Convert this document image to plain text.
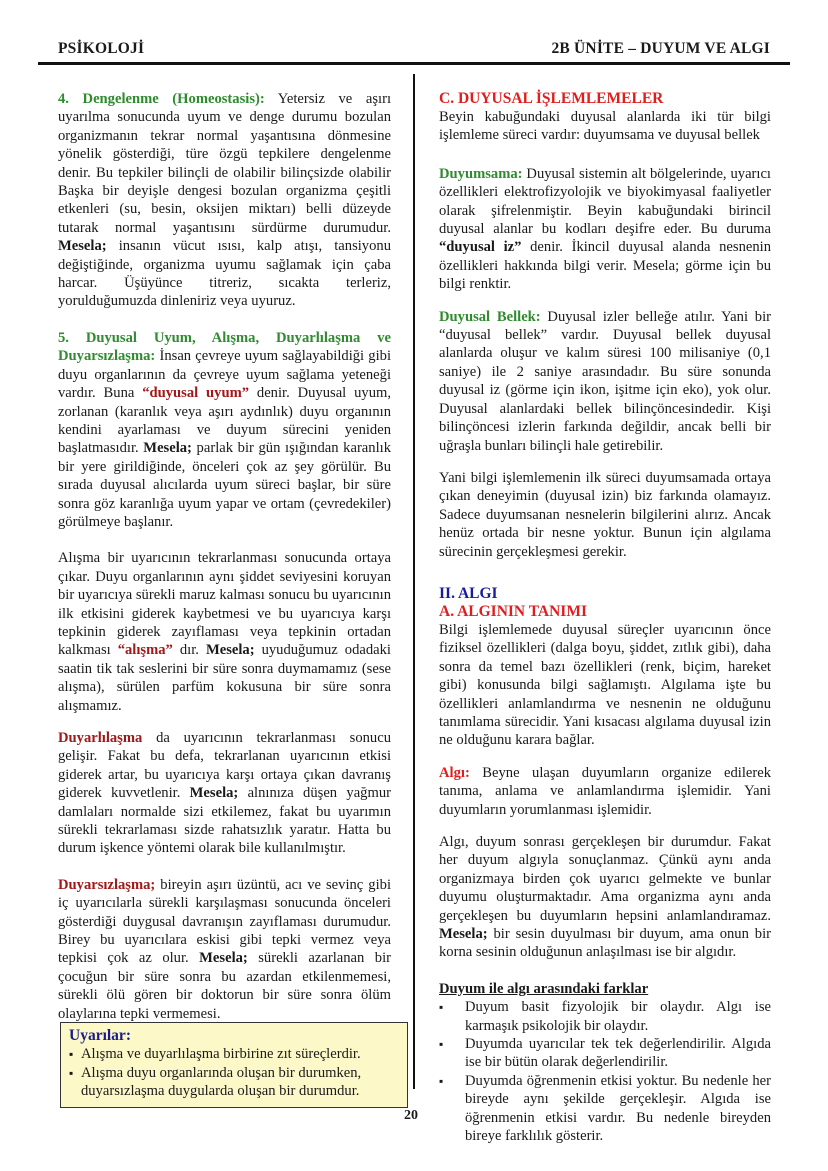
PSİKOLOJİ	2B ÜNİTE – DUYUM VE ALGI

4. Dengelenme (Homeostasis): Yetersiz ve aşırı uyarılma sonucunda uyum ve denge durumu bozulan organizmanın tekrar normal yaşantısına dönmesine yönelik gösterdiği, türe özgü tepkilere dengelenme denir. Bu tepkiler bilinçli de olabilir bilinçsizde olabilir Başka bir deyişle dengesi bozulan organizma çeşitli etkenleri (su, besin, oksijen miktarı) belli düzeyde tutarak normal yaşantısını sürdürme durumudur. Mesela; insanın vücut ısısı, kalp atışı, tansiyonu değiştiğinde, organizma uyumu sağlamak için çaba harcar. Üşüyünce titreriz, sıcakta terleriz, yorulduğumuzda dinleniriz veya uyuruz.

5. Duyusal Uyum, Alışma, Duyarlılaşma ve Duyarsızlaşma: İnsan çevreye uyum sağlayabildiği gibi duyu organlarının da çevreye uyum sağlama yeteneği vardır. Buna “duyusal uyum” denir. Duyusal uyum, zorlanan (karanlık veya aşırı aydınlık) duyu organının kendini ayarlaması ve duyum sürecini yeniden başlatmasıdır. Mesela; parlak bir gün ışığından karanlık bir yere girildiğinde, önceleri çok az şey görülür. Bu sırada duyusal alıcılarda uyum süreci başlar, bir süre sonra göz karanlığa uyum yapar ve ortam (çevredekiler) görülmeye başlanır.

Alışma bir uyarıcının tekrarlanması sonucunda ortaya çıkar. Duyu organlarının aynı şiddet seviyesini koruyan bir uyarıcıya sürekli maruz kalması sonucu bu uyarıcının ilk etkisini giderek kaybetmesi ve bu uyarıcıya karşı tepkinin giderek zayıflaması veya tepkinin ortadan kalkması “alışma” dır. Mesela; uyuduğumuz odadaki saatin tik tak seslerini bir süre sonra duymamamız (sese alışma), sürülen parfüm kokusuna bir süre sonra alışmamız.

Duyarlılaşma da uyarıcının tekrarlanması sonucu gelişir. Fakat bu defa, tekrarlanan uyarıcının etkisi giderek artar, bu uyarıcıya karşı ortaya çıkan davranış giderek kuvvetlenir. Mesela; alnınıza düşen yağmur damlaları normalde sizi etkilemez, fakat bu uyarımın sürekli tekrarlaması sizde rahatsızlık yaratır. Hatta bu durum işkence yöntemi olarak bile kullanılmıştır.

Duyarsızlaşma; bireyin aşırı üzüntü, acı ve sevinç gibi iç uyarıcılarla sürekli karşılaşması sonucunda önceleri gösterdiği duygusal davranışın zayıflaması durumudur. Birey bu uyarıcılara eskisi gibi tepki vermez veya tepkisi çok az olur. Mesela; sürekli azarlanan bir çocuğun bir süre sonra bu azardan etkilenmemesi, sürekli ölü gören bir doktorun bir süre sonra ölüm olaylarına tepki vermemesi.

Uyarılar:
▪ Alışma ve duyarlılaşma birbirine zıt süreçlerdir.
▪ Alışma duyu organlarında oluşan bir durumken, duyarsızlaşma duygularda oluşan bir durumdur.
C. DUYUSAL İŞLEMLEMELER

Beyin kabuğundaki duyusal alanlarda iki tür bilgi işlemleme süreci vardır: duyumsama ve duyusal bellek

Duyumsama: Duyusal sistemin alt bölgelerinde, uyarıcı özellikleri elektrofizyolojik ve biyokimyasal faaliyetler olarak şifrelenmiştir. Beyin kabuğundaki birincil duyusal alanlar bu kodları deşifre eder. Bu duruma “duyusal iz” denir. İkincil duyusal alanda nesnenin özellikleri hakkında bilgi verir. Mesela; görme için bu bilgi renktir.

Duyusal Bellek: Duyusal izler belleğe atılır. Yani bir “duyusal bellek” vardır. Duyusal bellek duyusal alanlarda oluşur ve kalım süresi 100 milisaniye (0,1 saniye) ile 2 saniye arasındadır. Bu süre sonunda duyusal iz (görme için ikon, işitme için eko), yok olur. Duyusal alanlardaki bellek bilinçöncesindedir. Kişi bilinçöncesi izlerin farkında değildir, ancak belli bir uğraşla bunları bilinçli hale getirebilir.

Yani bilgi işlemlemenin ilk süreci duyumsamada ortaya çıkan deneyimin (duyusal izin) biz farkında olamayız. Sadece duyumsanan nesnelerin bilgilerini alırız. Ancak henüz ortada bir nesne yoktur. Bunun için algılama sürecinin gerçekleşmesi gerekir.

II. ALGI
A. ALGININ TANIMI

Bilgi işlemlemede duyusal süreçler uyarıcının önce fiziksel özellikleri (dalga boyu, şiddet, zıtlık gibi), daha sonra da temel bazı özellikleri (renk, biçim, hareket gibi) konusunda bilgi sağlamıştı. Algılama işte bu özellikleri anlamlandırma ve nesnenin ne olduğunu tanımlama sürecidir. Yani kısacası algılama duyusal izin ne olduğunu karara bağlar.

Algı: Beyne ulaşan duyumların organize edilerek tanıma, anlama ve anlamlandırma işlemidir. Yani duyumların yorumlanması işlemidir.

Algı, duyum sonrası gerçekleşen bir durumdur. Fakat her duyum algıyla sonuçlanmaz. Çünkü aynı anda organizmaya birden çok uyarıcı gelmekte ve bunlar duyumu oluşturmaktadır. Ama organizma aynı anda gerçekleşen bu duyumların hepsini anlamlandıramaz. Mesela; bir sesin duyulması bir duyum, ama onun bir korna sesinin olduğunun anlaşılması ise bir algıdır.

Duyum ile algı arasındaki farklar
▪ Duyum basit fizyolojik bir olaydır. Algı ise karmaşık psikolojik bir olaydır.
▪ Duyumda uyarıcılar tek tek değerlendirilir. Algıda ise bir bütün olarak değerlendirilir.
▪ Duyumda öğrenmenin etkisi yoktur. Bu nedenle her bireyde aynı şekilde gerçekleşir. Algıda ise öğrenmenin etkisi vardır. Bu nedenle bireyden bireye farklılık gösterir.
20
